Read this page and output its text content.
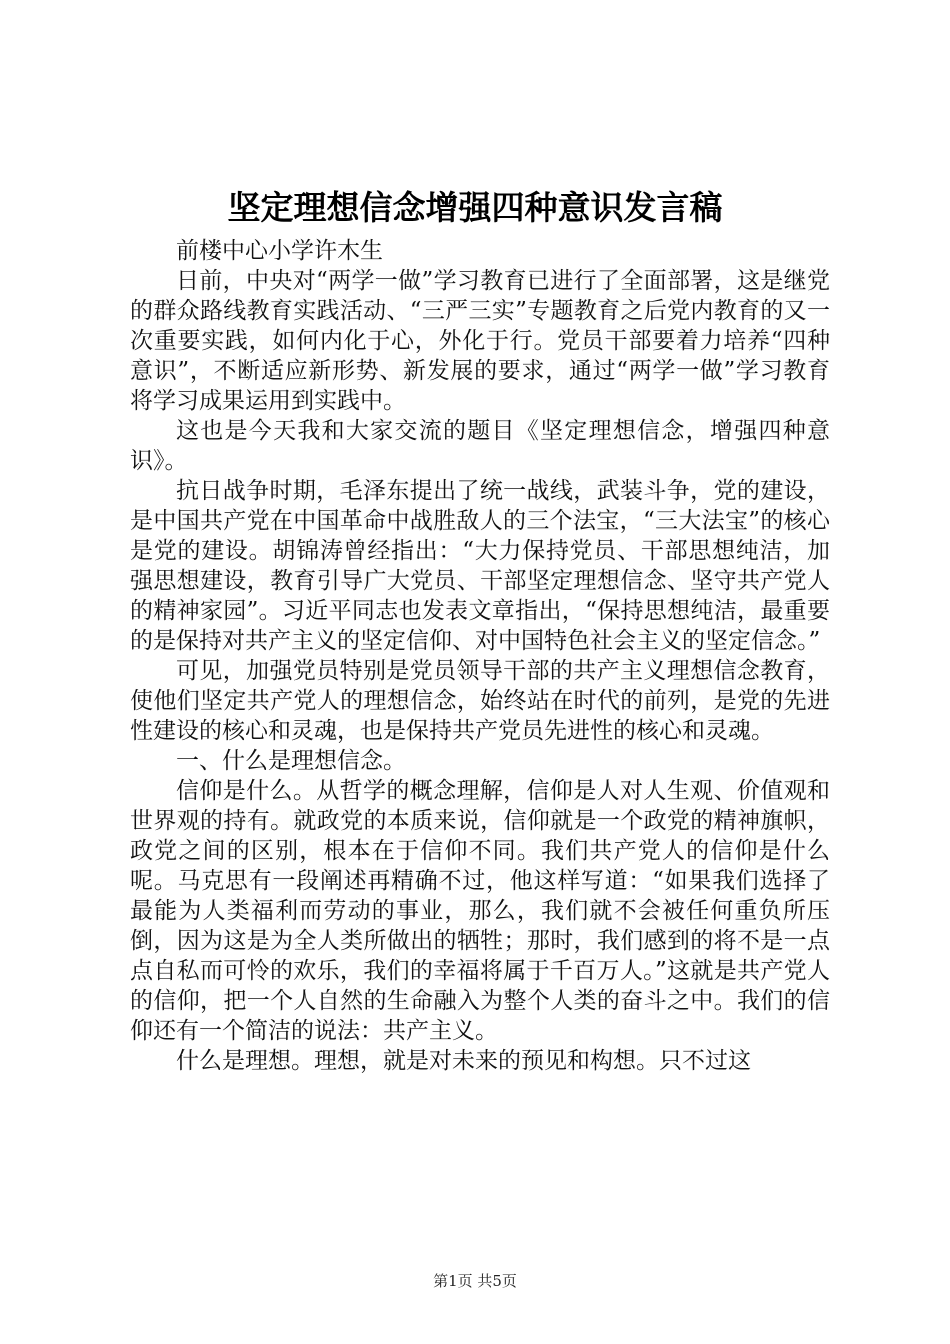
坚定理想信念增强四种意识发言稿

前楼中心小学许木生

日前，中央对“两学一做”学习教育已进行了全面部署，这是继党的群众路线教育实践活动、“三严三实”专题教育之后党内教育的又一次重要实践，如何内化于心，外化于行。党员干部要着力培养“四种意识”，不断适应新形势、新发展的要求，通过“两学一做”学习教育将学习成果运用到实践中。

这也是今天我和大家交流的题目《坚定理想信念，增强四种意识》。

抗日战争时期，毛泽东提出了统一战线，武装斗争，党的建设，是中国共产党在中国革命中战胜敌人的三个法宝，“三大法宝”的核心是党的建设。胡锦涛曾经指出：“大力保持党员、干部思想纯洁，加强思想建设，教育引导广大党员、干部坚定理想信念、坚守共产党人的精神家园”。习近平同志也发表文章指出，“保持思想纯洁，最重要的是保持对共产主义的坚定信仰、对中国特色社会主义的坚定信念。”

可见，加强党员特别是党员领导干部的共产主义理想信念教育，使他们坚定共产党人的理想信念，始终站在时代的前列，是党的先进性建设的核心和灵魂，也是保持共产党员先进性的核心和灵魂。

一、什么是理想信念。

信仰是什么。从哲学的概念理解，信仰是人对人生观、价值观和世界观的持有。就政党的本质来说，信仰就是一个政党的精神旗帜，政党之间的区别，根本在于信仰不同。我们共产党人的信仰是什么呢。马克思有一段阐述再精确不过，他这样写道：“如果我们选择了最能为人类福利而劳动的事业，那么，我们就不会被任何重负所压倒，因为这是为全人类所做出的牺牲；那时，我们感到的将不是一点点自私而可怜的欢乐，我们的幸福将属于千百万人。”这就是共产党人的信仰，把一个人自然的生命融入为整个人类的奋斗之中。我们的信仰还有一个简洁的说法：共产主义。

什么是理想。理想，就是对未来的预见和构想。只不过这

第1页 共5页
